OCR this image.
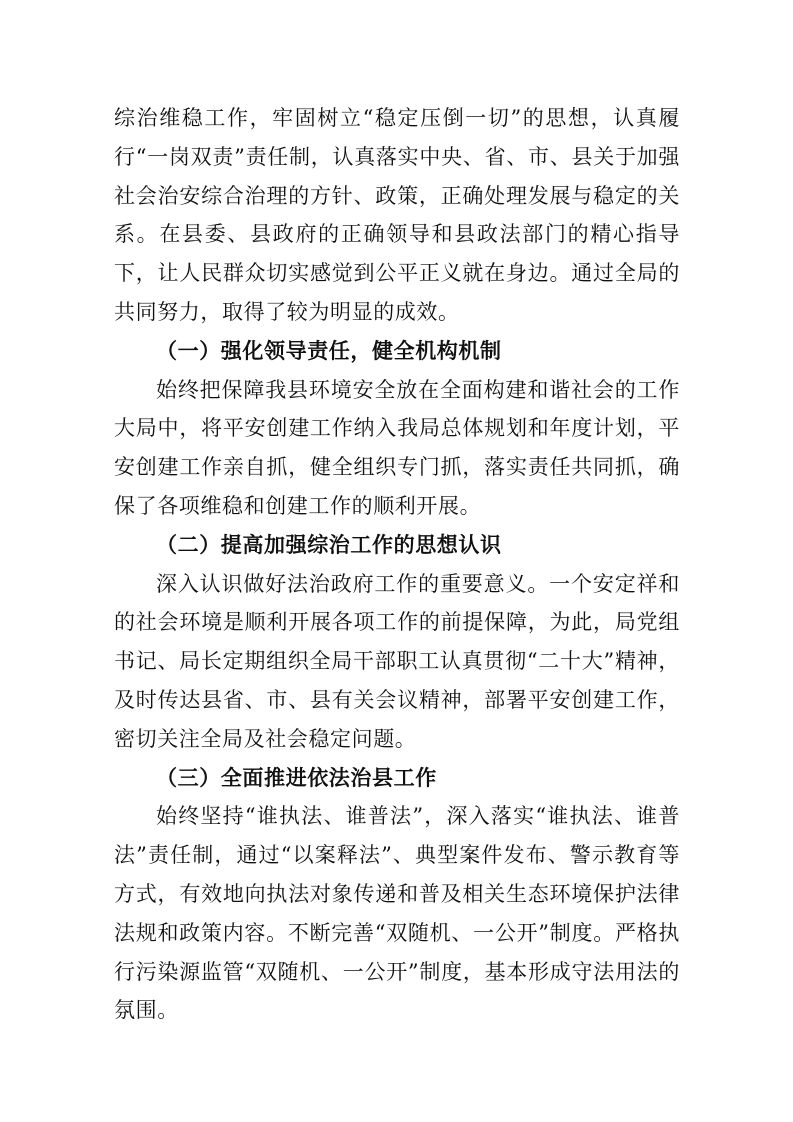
综治维稳工作，牢固树立“稳定压倒一切”的思想，认真履行“一岗双责”责任制，认真落实中央、省、市、县关于加强社会治安综合治理的方针、政策，正确处理发展与稳定的关系。在县委、县政府的正确领导和县政法部门的精心指导下，让人民群众切实感觉到公平正义就在身边。通过全局的共同努力，取得了较为明显的成效。

（一）强化领导责任，健全机构机制

始终把保障我县环境安全放在全面构建和谐社会的工作大局中，将平安创建工作纳入我局总体规划和年度计划，平安创建工作亲自抓，健全组织专门抓，落实责任共同抓，确保了各项维稳和创建工作的顺利开展。

（二）提高加强综治工作的思想认识

深入认识做好法治政府工作的重要意义。一个安定祥和的社会环境是顺利开展各项工作的前提保障，为此，局党组书记、局长定期组织全局干部职工认真贯彻“二十大”精神，及时传达县省、市、县有关会议精神，部署平安创建工作，密切关注全局及社会稳定问题。

（三）全面推进依法治县工作

始终坚持“谁执法、谁普法”，深入落实“谁执法、谁普法”责任制，通过“以案释法”、典型案件发布、警示教育等方式，有效地向执法对象传递和普及相关生态环境保护法律法规和政策内容。不断完善“双随机、一公开”制度。严格执行污染源监管“双随机、一公开”制度，基本形成守法用法的氛围。
